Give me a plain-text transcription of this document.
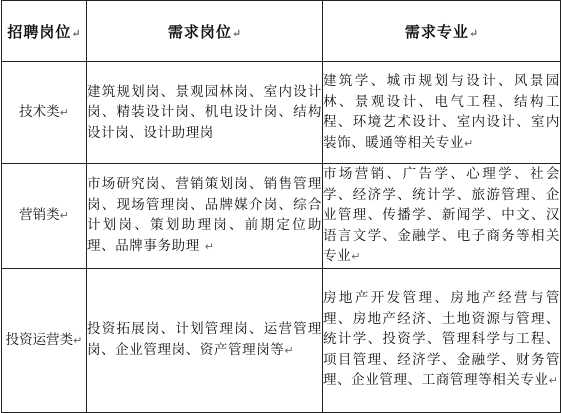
招聘岗位↵	需求岗位↵	需求专业↵
技术类↵	建筑规划岗、景观园林岗、室内设计岗、精装设计岗、机电设计岗、结构设计岗、设计助理岗	建筑学、城市规划与设计、风景园林、景观设计、电气工程、结构工程、环境艺术设计、室内设计、室内装饰、暖通等相关专业↵
营销类↵	市场研究岗、营销策划岗、销售管理岗、现场管理岗、品牌媒介岗、综合计划岗、策划助理岗、前期定位助理、品牌事务助理 ↵	市场营销、广告学、心理学、社会学、经济学、统计学、旅游管理、企业管理、传播学、新闻学、中文、汉语言文学、金融学、电子商务等相关专业↵
投资运营类↵	投资拓展岗、计划管理岗、运营管理岗、企业管理岗、资产管理岗等↵	房地产开发管理、房地产经营与管理、房地产经济、土地资源与管理、统计学、投资学、管理科学与工程、项目管理、经济学、金融学、财务管理、企业管理、工商管理等相关专业↵
